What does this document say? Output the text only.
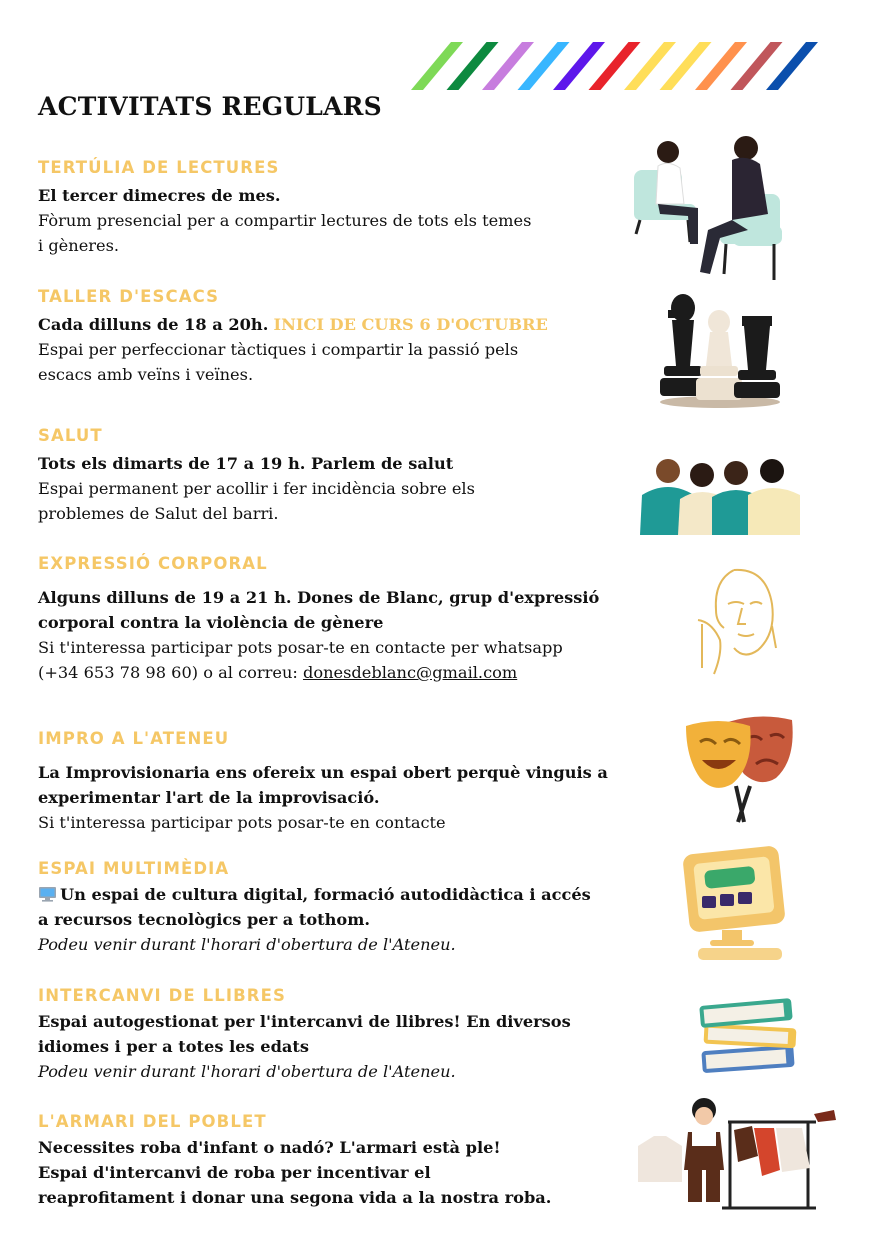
ACTIVITATS REGULARS
TERTÚLIA DE LECTURES

El tercer dimecres de mes.

Fòrum presencial per a compartir lectures de tots els temes

i gèneres.

TALLER D'ESCACS

Cada dilluns de 18 a 20h. INICI DE CURS 6 D'OCTUBRE

Espai per perfeccionar tàctiques i compartir la passió pels

escacs amb veïns i veïnes.

SALUT

Tots els dimarts de 17 a 19 h. Parlem de salut

Espai permanent per acollir i fer incidència sobre els

problemes de Salut del barri.

EXPRESSIÓ CORPORAL

Alguns dilluns de 19 a 21 h. Dones de Blanc, grup d'expressió

corporal contra la violència de gènere

Si t'interessa participar pots posar-te en contacte per whatsapp

(+34 653 78 98 60) o al correu: donesdeblanc@gmail.com

IMPRO A L'ATENEU

La Improvisionaria ens ofereix un espai obert perquè vinguis a

experimentar l'art de la improvisació.

Si t'interessa participar pots posar-te en contacte

ESPAI MULTIMÈDIA

Un espai de cultura digital, formació autodidàctica i accés

a recursos tecnològics per a tothom.

Podeu venir durant l'horari d'obertura de l'Ateneu.

INTERCANVI DE LLIBRES

Espai autogestionat per l'intercanvi de llibres! En diversos

idiomes i per a totes les edats

Podeu venir durant l'horari d'obertura de l'Ateneu.

L'ARMARI DEL POBLET

Necessites roba d'infant o nadó? L'armari està ple!

Espai d'intercanvi de roba per incentivar el

reaprofitament i donar una segona vida a la nostra roba.
